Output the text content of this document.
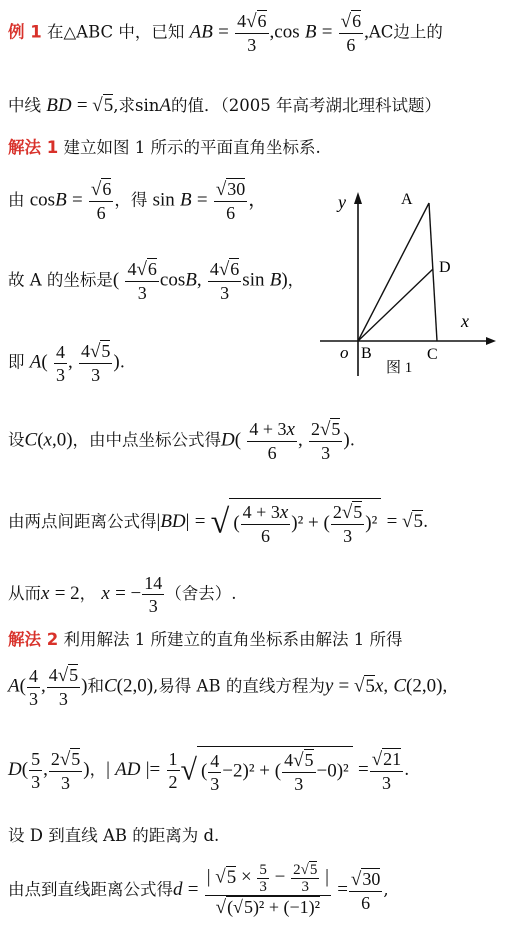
例 1 在△ABC 中，已知 AB = $\frac{4√6}{3} ,\cos$ $B = \frac{√6}{6} ,AC$边上的
中线 BD = √5,求sinA的值．（2005 年高考湖北理科试题）
解法 1 建立如图 1 所示的平面直角坐标系.
由 $\cos B = \frac{√6}{6}$ ，得 $\sin B = \frac{√30}{6}$ ，
故 A 的坐标是( $\frac{4√6}{3} \cos B$, $\frac{4√6}{3}$ sin B)，
即 $A( \frac{4}{3}$ , $\frac{4√5}{3}$ ).
y
x
o B	C
A
D
图 1
设C(x,0)，由中点坐标公式得$D( \frac{4 + 3x}{6}$ , $\frac{2√5}{3}$ ).
由两点间距离公式得|BD| = √ ( $\frac{4 + 3x}{6} )^2$ + ( $\frac{2√5}{3} )^2 = √5$.
从而x = 2， x = − $\frac{14}{3}$ （舍去）.
解法 2 利用解法 1 所建立的直角坐标系由解法 1 所得
$A( \frac{4}{3}$ , $\frac{4√5}{3}$ )和C(2,0),易得 AB 的直线方程为y = √5x, C(2,0),
$D( \frac{5}{3}$ , $\frac{2√5}{3}$ )，| AD |= $\frac{1}{2}$ √ ( $\frac{4}{3} -2)^2$ + ( $\frac{4√5}{3} -0)^2 = \frac{√21}{3}$ .
设 D 到直线 AB 的距离为 d.
由点到直线距离公式得$d = \frac{| √5 \times \frac{5}{3} - \frac{2√5}{3} |}{\text{√(√5)² + (−1)²}} = \frac{√30}{6}$ ,
